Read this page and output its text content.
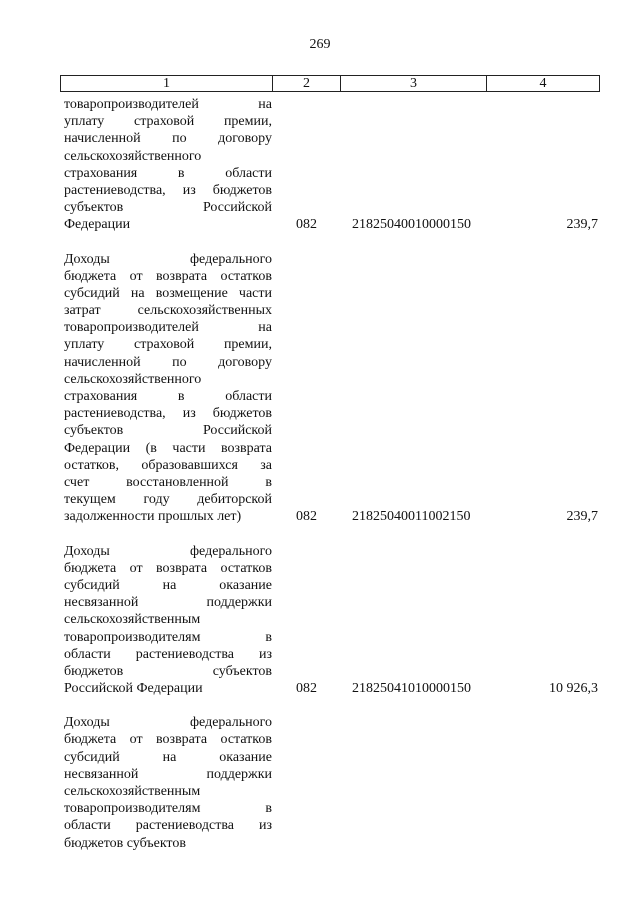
269
1	2	3	4
товаропроизводителей на
уплату страховой премии,
начисленной по договору
сельскохозяйственного
страхования в области
растениеводства, из бюджетов
субъектов Российской
Федерации	082	21825040010000150	239,7
Доходы федерального
бюджета от возврата остатков
субсидий на возмещение части
затрат сельскохозяйственных
товаропроизводителей на
уплату страховой премии,
начисленной по договору
сельскохозяйственного
страхования в области
растениеводства, из бюджетов
субъектов Российской
Федерации (в части возврата
остатков, образовавшихся за
счет восстановленной в
текущем году дебиторской
задолженности прошлых лет)	082	21825040011002150	239,7
Доходы федерального
бюджета от возврата остатков
субсидий на оказание
несвязанной поддержки
сельскохозяйственным
товаропроизводителям в
области растениеводства из
бюджетов субъектов
Российской Федерации	082	21825041010000150	10 926,3
Доходы федерального
бюджета от возврата остатков
субсидий на оказание
несвязанной поддержки
сельскохозяйственным
товаропроизводителям в
области растениеводства из
бюджетов субъектов
